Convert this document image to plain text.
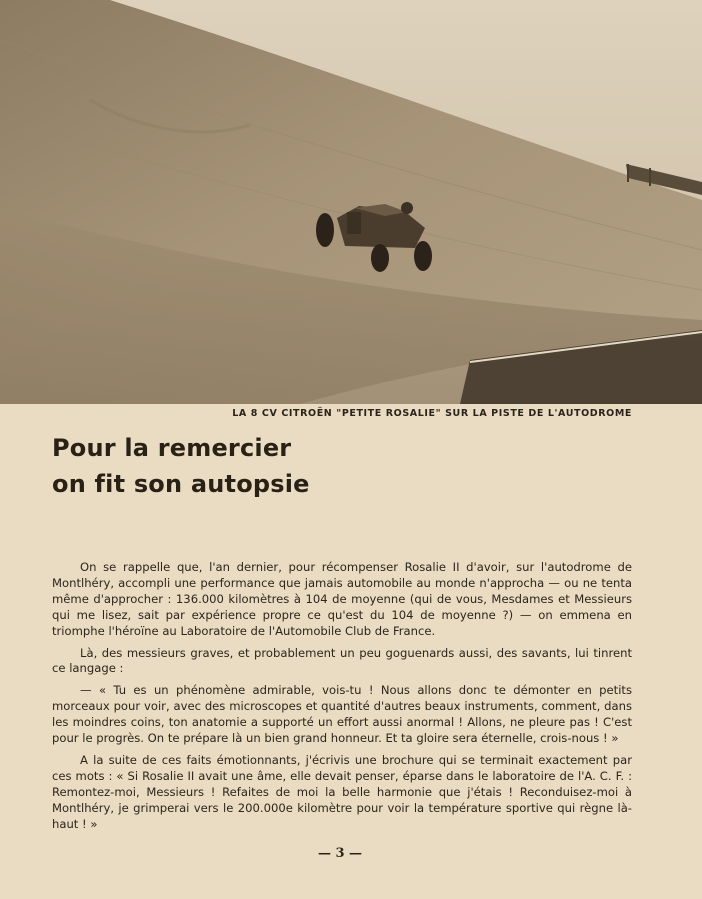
LA 8 CV CITROËN "PETITE ROSALIE" SUR LA PISTE DE L'AUTODROME
Pour la remercier
on fit son autopsie

On se rappelle que, l'an dernier, pour récompenser Rosalie II d'avoir, sur l'autodrome de Montlhéry, accompli une performance que jamais automobile au monde n'approcha — ou ne tenta même d'approcher : 136.000 kilomètres à 104 de moyenne (qui de vous, Mesdames et Messieurs qui me lisez, sait par expérience propre ce qu'est du 104 de moyenne ?) — on emmena en triomphe l'héroïne au Laboratoire de l'Automobile Club de France.

Là, des messieurs graves, et probablement un peu goguenards aussi, des savants, lui tinrent ce langage :

— « Tu es un phénomène admirable, vois-tu ! Nous allons donc te démonter en petits morceaux pour voir, avec des microscopes et quantité d'autres beaux instruments, comment, dans les moindres coins, ton anatomie a supporté un effort aussi anormal ! Allons, ne pleure pas ! C'est pour le progrès. On te prépare là un bien grand honneur. Et ta gloire sera éternelle, crois-nous ! »

A la suite de ces faits émotionnants, j'écrivis une brochure qui se terminait exactement par ces mots : « Si Rosalie II avait une âme, elle devait penser, éparse dans le laboratoire de l'A. C. F. : Remontez-moi, Messieurs ! Refaites de moi la belle harmonie que j'étais ! Reconduisez-moi à Montlhéry, je grimperai vers le 200.000e kilomètre pour voir la température sportive qui règne là-haut ! »

— 3 —
